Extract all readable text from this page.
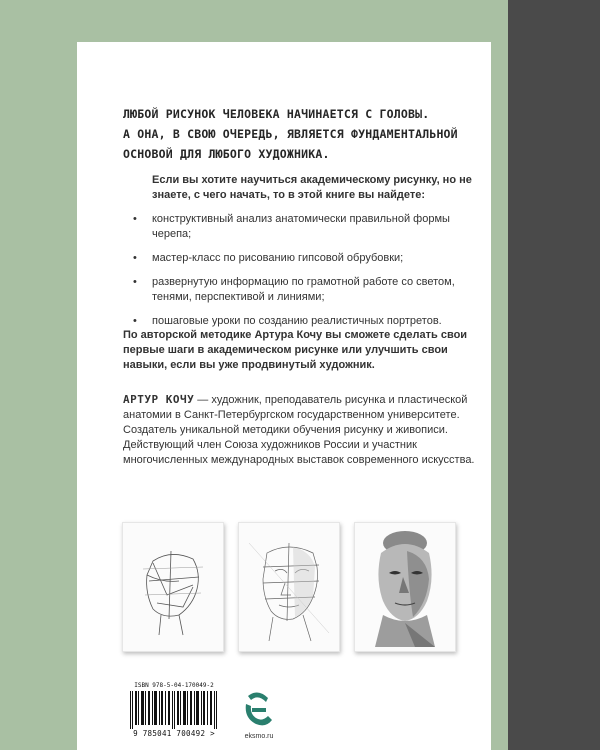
ЛЮБОЙ РИСУНОК ЧЕЛОВЕКА НАЧИНАЕТСЯ С ГОЛОВЫ.
А ОНА, В СВОЮ ОЧЕРЕДЬ, ЯВЛЯЕТСЯ ФУНДАМЕНТАЛЬНОЙ
ОСНОВОЙ ДЛЯ ЛЮБОГО ХУДОЖНИКА.

Если вы хотите научиться академическому рисунку, но не знаете, с чего начать, то в этой книге вы найдете:

• конструктивный анализ анатомически правильной формы черепа;
• мастер-класс по рисованию гипсовой обрубовки;
• развернутую информацию по грамотной работе со светом, тенями, перспективой и линиями;
• пошаговые уроки по созданию реалистичных портретов.

По авторской методике Артура Кочу вы сможете сделать свои первые шаги в академическом рисунке или улучшить свои навыки, если вы уже продвинутый художник.

АРТУР КОЧУ — художник, преподаватель рисунка и пластической анатомии в Санкт-Петербургском государственном университете. Создатель уникальной методики обучения рисунку и живописи. Действующий член Союза художников России и участник многочисленных международных выставок современного искусства.

ISBN 978-5-04-170049-2
9 785041 700492 >	eksmo.ru
